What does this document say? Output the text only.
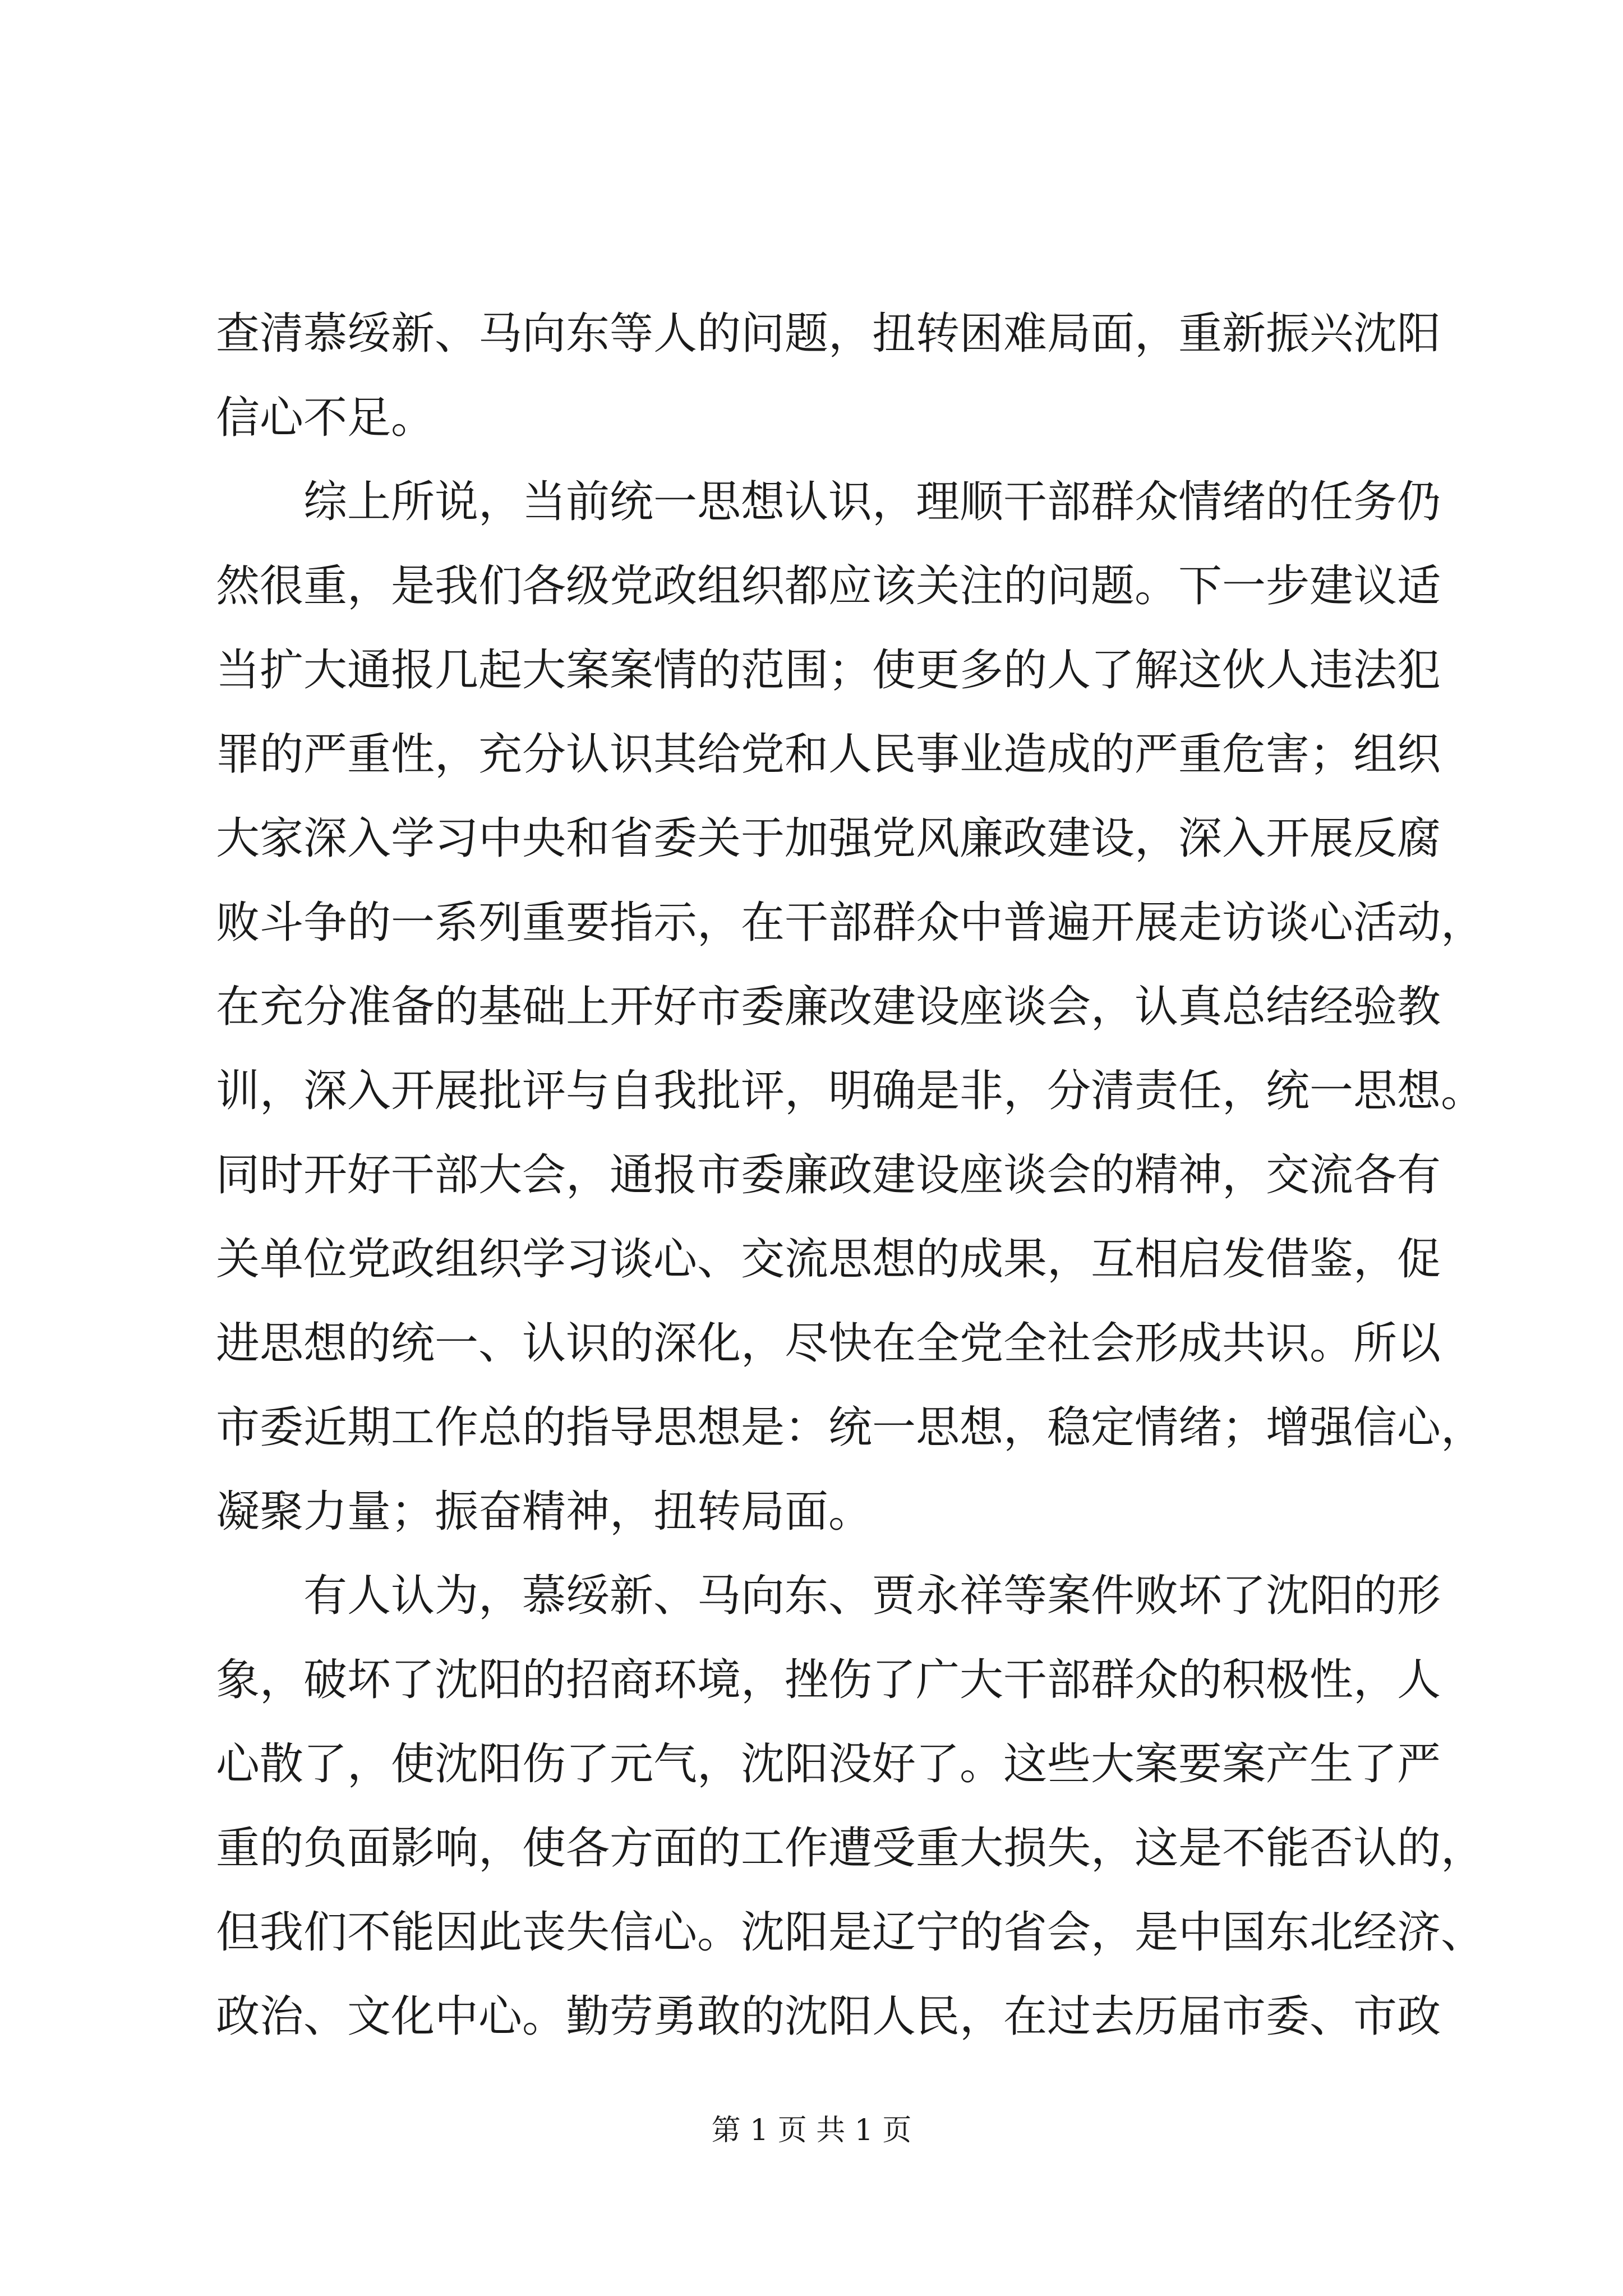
查清慕绥新、马向东等人的问题，扭转困难局面，重新振兴沈阳
信心不足。
综上所说，当前统一思想认识，理顺干部群众情绪的任务仍
然很重，是我们各级党政组织都应该关注的问题。下一步建议适
当扩大通报几起大案案情的范围；使更多的人了解这伙人违法犯
罪的严重性，充分认识其给党和人民事业造成的严重危害；组织
大家深入学习中央和省委关于加强党风廉政建设，深入开展反腐
败斗争的一系列重要指示，在干部群众中普遍开展走访谈心活动，
在充分准备的基础上开好市委廉改建设座谈会，认真总结经验教
训，深入开展批评与自我批评，明确是非，分清责任，统一思想。
同时开好干部大会，通报市委廉政建设座谈会的精神，交流各有
关单位党政组织学习谈心、交流思想的成果，互相启发借鉴，促
进思想的统一、认识的深化，尽快在全党全社会形成共识。所以
市委近期工作总的指导思想是：统一思想，稳定情绪；增强信心，
凝聚力量；振奋精神，扭转局面。
有人认为，慕绥新、马向东、贾永祥等案件败坏了沈阳的形
象，破坏了沈阳的招商环境，挫伤了广大干部群众的积极性，人
心散了，使沈阳伤了元气，沈阳没好了。这些大案要案产生了严
重的负面影响，使各方面的工作遭受重大损失，这是不能否认的，
但我们不能因此丧失信心。沈阳是辽宁的省会，是中国东北经济、
政治、文化中心。勤劳勇敢的沈阳人民，在过去历届市委、市政
第 1 页 共 1 页
